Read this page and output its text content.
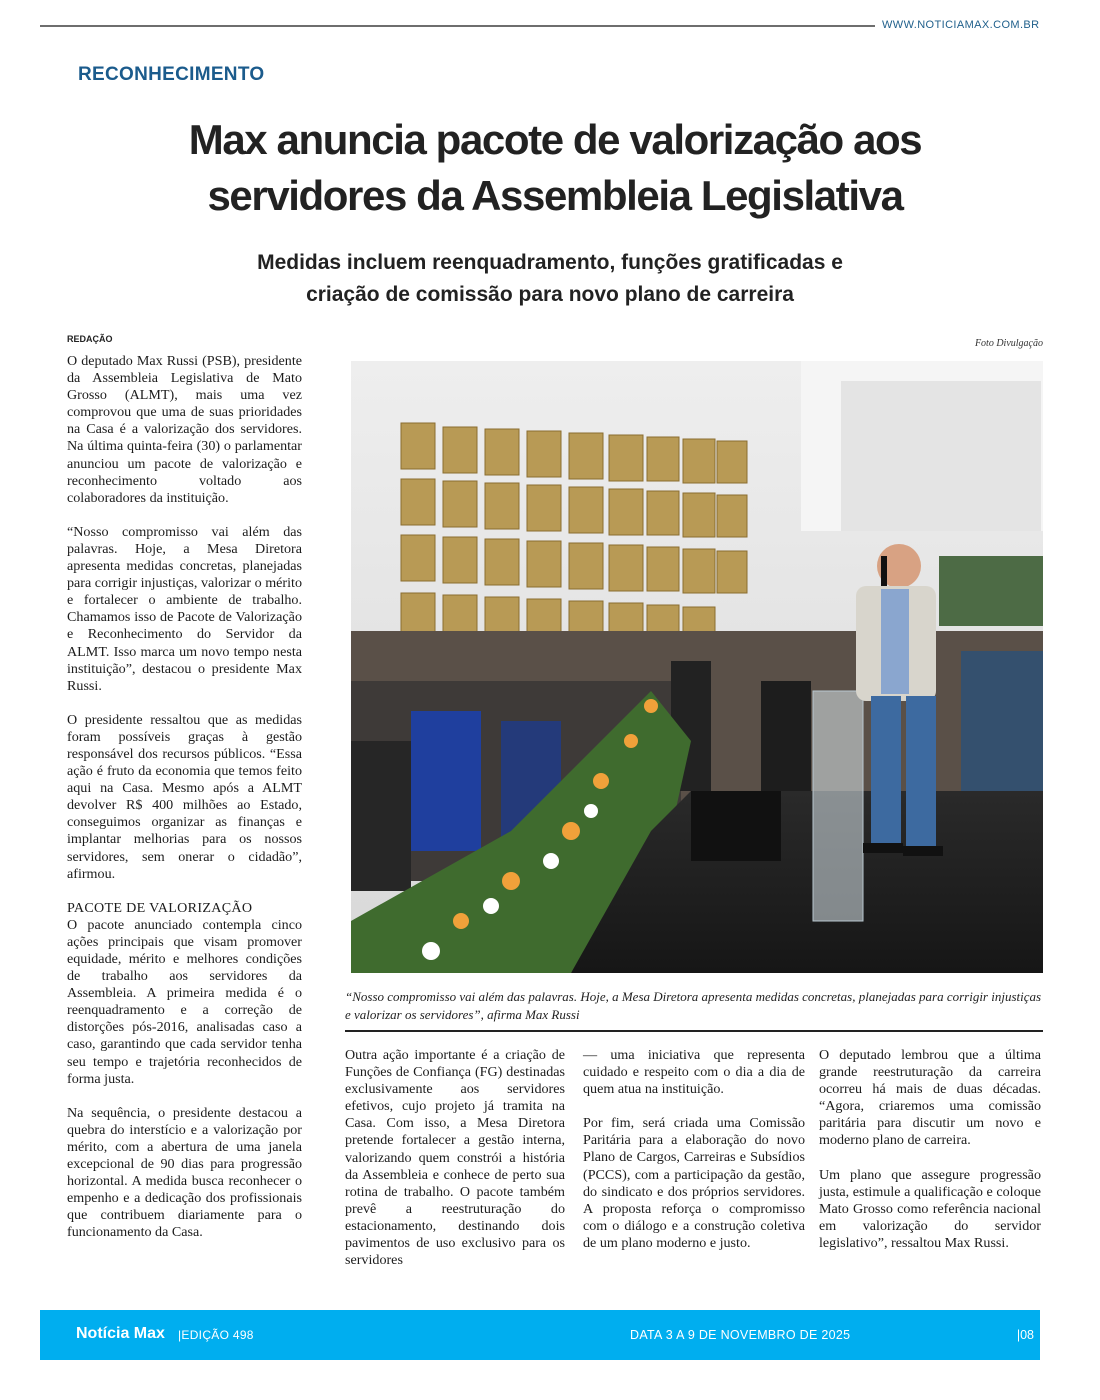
WWW.NOTICIAMAX.COM.BR
RECONHECIMENTO
Max anuncia pacote de valorização aos
servidores da Assembleia Legislativa
Medidas incluem reenquadramento, funções gratificadas e
criação de comissão para novo plano de carreira
REDAÇÃO	Foto Divulgação

O deputado Max Russi (PSB), presidente da Assembleia Legislativa de Mato Grosso (ALMT), mais uma vez comprovou que uma de suas prioridades na Casa é a valorização dos servidores. Na última quinta-feira (30) o parlamentar anunciou um pacote de valorização e reconhecimento voltado aos colaboradores da instituição.

“Nosso compromisso vai além das palavras. Hoje, a Mesa Diretora apresenta medidas concretas, planejadas para corrigir injustiças, valorizar o mérito e fortalecer o ambiente de trabalho. Chamamos isso de Pacote de Valorização e Reconhecimento do Servidor da ALMT. Isso marca um novo tempo nesta instituição”, destacou o presidente Max Russi.

O presidente ressaltou que as medidas foram possíveis graças à gestão responsável dos recursos públicos. “Essa ação é fruto da economia que temos feito aqui na Casa. Mesmo após a ALMT devolver R$ 400 milhões ao Estado, conseguimos organizar as finanças e implantar melhorias para os nossos servidores, sem onerar o cidadão”, afirmou.

PACOTE DE VALORIZAÇÃO
O pacote anunciado contempla cinco ações principais que visam promover equidade, mérito e melhores condições de trabalho aos servidores da Assembleia. A primeira medida é o reenquadramento e a correção de distorções pós-2016, analisadas caso a caso, garantindo que cada servidor tenha seu tempo e trajetória reconhecidos de forma justa.

Na sequência, o presidente destacou a quebra do interstício e a valorização por mérito, com a abertura de uma janela excepcional de 90 dias para progressão horizontal. A medida busca reconhecer o empenho e a dedicação dos profissionais que contribuem diariamente para o funcionamento da Casa.

“Nosso compromisso vai além das palavras. Hoje, a Mesa Diretora apresenta medidas concretas, planejadas para corrigir injustiças e valorizar os servidores”, afirma Max Russi

Outra ação importante é a criação de Funções de Confiança (FG) destinadas exclusivamente aos servidores efetivos, cujo projeto já tramita na Casa. Com isso, a Mesa Diretora pretende fortalecer a gestão interna, valorizando quem constrói a história da Assembleia e conhece de perto sua rotina de trabalho. O pacote também prevê a reestruturação do estacionamento, destinando dois pavimentos de uso exclusivo para os servidores

— uma iniciativa que representa cuidado e respeito com o dia a dia de quem atua na instituição.

Por fim, será criada uma Comissão Paritária para a elaboração do novo Plano de Cargos, Carreiras e Subsídios (PCCS), com a participação da gestão, do sindicato e dos próprios servidores. A proposta reforça o compromisso com o diálogo e a construção coletiva de um plano moderno e justo.

O deputado lembrou que a última grande reestruturação da carreira ocorreu há mais de duas décadas. “Agora, criaremos uma comissão paritária para discutir um novo e moderno plano de carreira.

Um plano que assegure progressão justa, estimule a qualificação e coloque Mato Grosso como referência nacional em valorização do servidor legislativo”, ressaltou Max Russi.

Notícia Max |EDIÇÃO 498	DATA 3 A 9 DE NOVEMBRO DE 2025	|08
